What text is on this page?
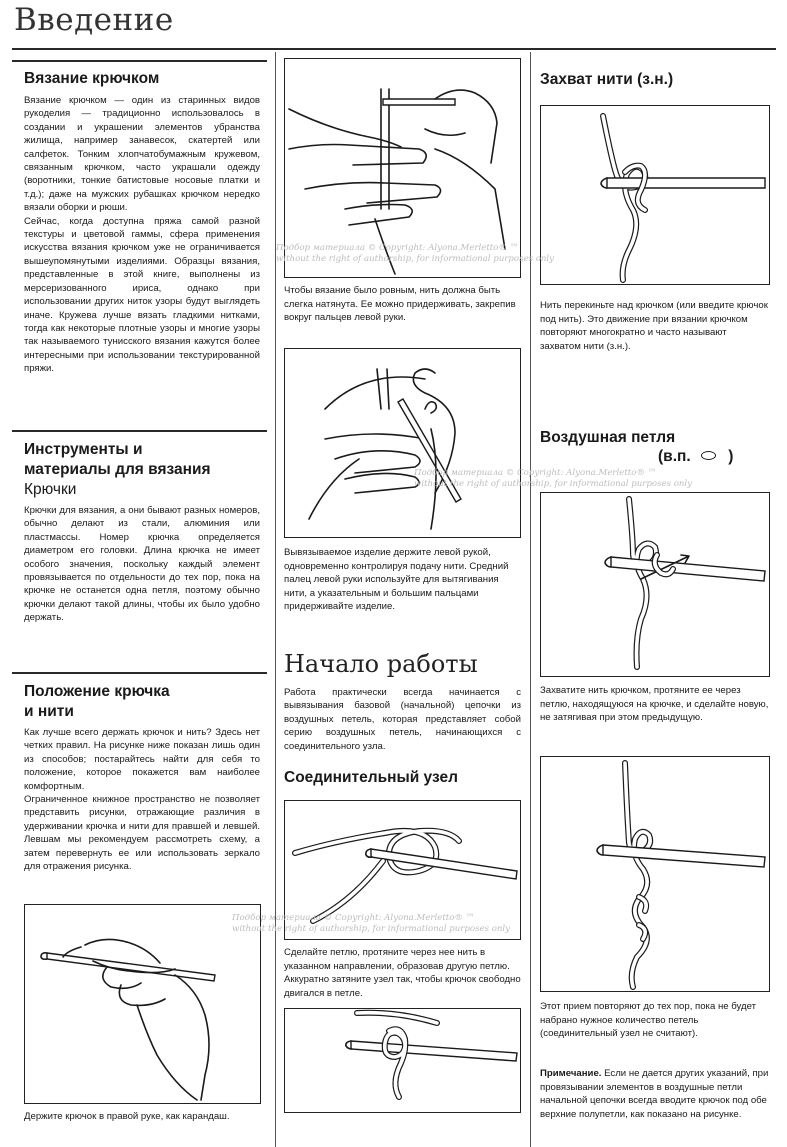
Введение
Вязание крючком

Вязание крючком — один из старинных видов рукоделия — традиционно использовалось в создании и украшении элементов убранства жилища, например занавесок, скатертей или салфеток. Тонким хлопчатобумажным кружевом, связанным крючком, часто украшали одежду (воротники, тонкие батистовые носовые платки и т.д.); даже на мужских рубашках крючком нередко вязали оборки и рюши.

Сейчас, когда доступна пряжа самой разной текстуры и цветовой гаммы, сфера применения искусства вязания крючком уже не ограничивается вышеупомянутыми изделиями. Образцы вязания, представленные в этой книге, выполнены из мерсеризованного ириса, однако при использовании других ниток узоры будут выглядеть иначе. Кружева лучше вязать гладкими нитками, тогда как некоторые плотные узоры и многие узоры так называемого тунисского вязания кажутся более интересными при использовании текстурированной пряжи.

Инструменты и
материалы для вязания
Крючки

Крючки для вязания, а они бывают разных номеров, обычно делают из стали, алюминия или пластмассы. Номер крючка определяется диаметром его головки. Длина крючка не имеет особого значения, поскольку каждый элемент провязывается по отдельности до тех пор, пока на крючке не останется одна петля, поэтому обычно крючки делают такой длины, чтобы их было удобно держать.

Положение крючка
и нити

Как лучше всего держать крючок и нить? Здесь нет четких правил. На рисунке ниже показан лишь один из способов; постарайтесь найти для себя то положение, которое покажется вам наиболее комфортным.

Ограниченное книжное пространство не позволяет представить рисунки, отражающие различия в удерживании крючка и нити для правшей и левшей. Левшам мы рекомендуем рассмотреть схему, а затем перевернуть ее или использовать зеркало для отражения рисунка.

Держите крючок в правой руке, как карандаш.

Чтобы вязание было ровным, нить должна быть слегка натянута. Ее можно придерживать, закрепив вокруг пальцев левой руки.

Вывязываемое изделие держите левой рукой, одновременно контролируя подачу нити. Средний палец левой руки используйте для вытягивания нити, а указательным и большим пальцами придерживайте изделие.

Начало работы

Работа практически всегда начинается с вывязывания базовой (начальной) цепочки из воздушных петель, которая представляет собой серию воздушных петель, начинающихся с соединительного узла.

Соединительный узел

Сделайте петлю, протяните через нее нить в указанном направлении, образовав другую петлю. Аккуратно затяните узел так, чтобы крючок свободно двигался в петле.

Захват нити (з.н.)

Нить перекиньте над крючком (или введите крючок под нить). Это движение при вязании крючком повторяют многократно и часто называют захватом нити (з.н.).

Воздушная петля
(в.п. )

Захватите нить крючком, протяните ее через петлю, находящуюся на крючке, и сделайте новую, не затягивая при этом предыдущую.

Этот прием повторяют до тех пор, пока не будет набрано нужное количество петель (соединительный узел не считают).

Примечание. Если не дается других указаний, при провязывании элементов в воздушные петли начальной цепочки всегда вводите крючок под обе верхние полупетли, как показано на рисунке.

Подбор материала © Copyright: Alyona.Merletto® ™
without the right of authorship, for informational purposes only
Подбор материала © Copyright: Alyona.Merletto® ™
without the right of authorship, for informational purposes only
Подбор материала © Copyright: Alyona.Merletto® ™
without the right of authorship, for informational purposes only
